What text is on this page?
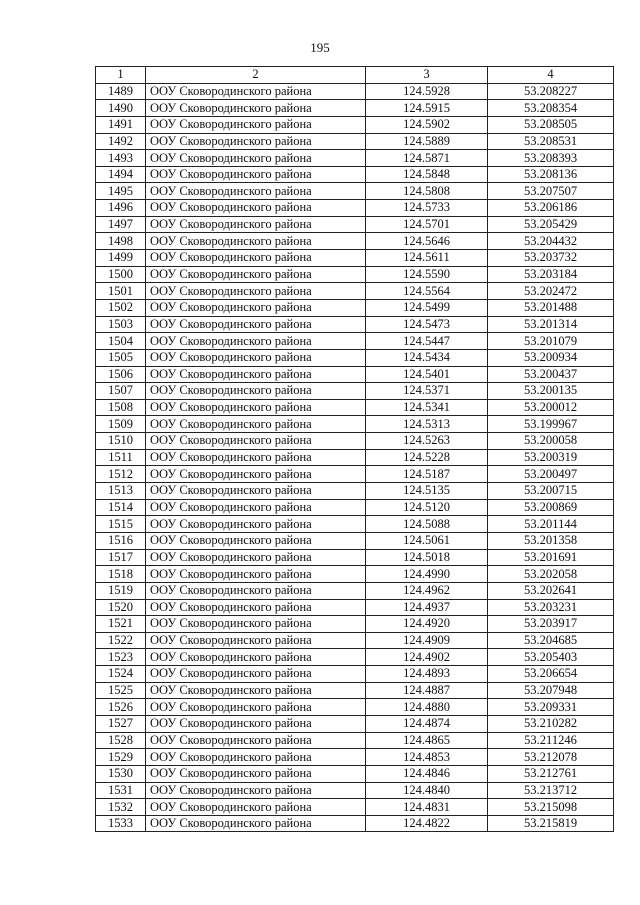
195
1	2	3	4
1489	ООУ Сковородинского района	124.5928	53.208227
1490	ООУ Сковородинского района	124.5915	53.208354
1491	ООУ Сковородинского района	124.5902	53.208505
1492	ООУ Сковородинского района	124.5889	53.208531
1493	ООУ Сковородинского района	124.5871	53.208393
1494	ООУ Сковородинского района	124.5848	53.208136
1495	ООУ Сковородинского района	124.5808	53.207507
1496	ООУ Сковородинского района	124.5733	53.206186
1497	ООУ Сковородинского района	124.5701	53.205429
1498	ООУ Сковородинского района	124.5646	53.204432
1499	ООУ Сковородинского района	124.5611	53.203732
1500	ООУ Сковородинского района	124.5590	53.203184
1501	ООУ Сковородинского района	124.5564	53.202472
1502	ООУ Сковородинского района	124.5499	53.201488
1503	ООУ Сковородинского района	124.5473	53.201314
1504	ООУ Сковородинского района	124.5447	53.201079
1505	ООУ Сковородинского района	124.5434	53.200934
1506	ООУ Сковородинского района	124.5401	53.200437
1507	ООУ Сковородинского района	124.5371	53.200135
1508	ООУ Сковородинского района	124.5341	53.200012
1509	ООУ Сковородинского района	124.5313	53.199967
1510	ООУ Сковородинского района	124.5263	53.200058
1511	ООУ Сковородинского района	124.5228	53.200319
1512	ООУ Сковородинского района	124.5187	53.200497
1513	ООУ Сковородинского района	124.5135	53.200715
1514	ООУ Сковородинского района	124.5120	53.200869
1515	ООУ Сковородинского района	124.5088	53.201144
1516	ООУ Сковородинского района	124.5061	53.201358
1517	ООУ Сковородинского района	124.5018	53.201691
1518	ООУ Сковородинского района	124.4990	53.202058
1519	ООУ Сковородинского района	124.4962	53.202641
1520	ООУ Сковородинского района	124.4937	53.203231
1521	ООУ Сковородинского района	124.4920	53.203917
1522	ООУ Сковородинского района	124.4909	53.204685
1523	ООУ Сковородинского района	124.4902	53.205403
1524	ООУ Сковородинского района	124.4893	53.206654
1525	ООУ Сковородинского района	124.4887	53.207948
1526	ООУ Сковородинского района	124.4880	53.209331
1527	ООУ Сковородинского района	124.4874	53.210282
1528	ООУ Сковородинского района	124.4865	53.211246
1529	ООУ Сковородинского района	124.4853	53.212078
1530	ООУ Сковородинского района	124.4846	53.212761
1531	ООУ Сковородинского района	124.4840	53.213712
1532	ООУ Сковородинского района	124.4831	53.215098
1533	ООУ Сковородинского района	124.4822	53.215819
